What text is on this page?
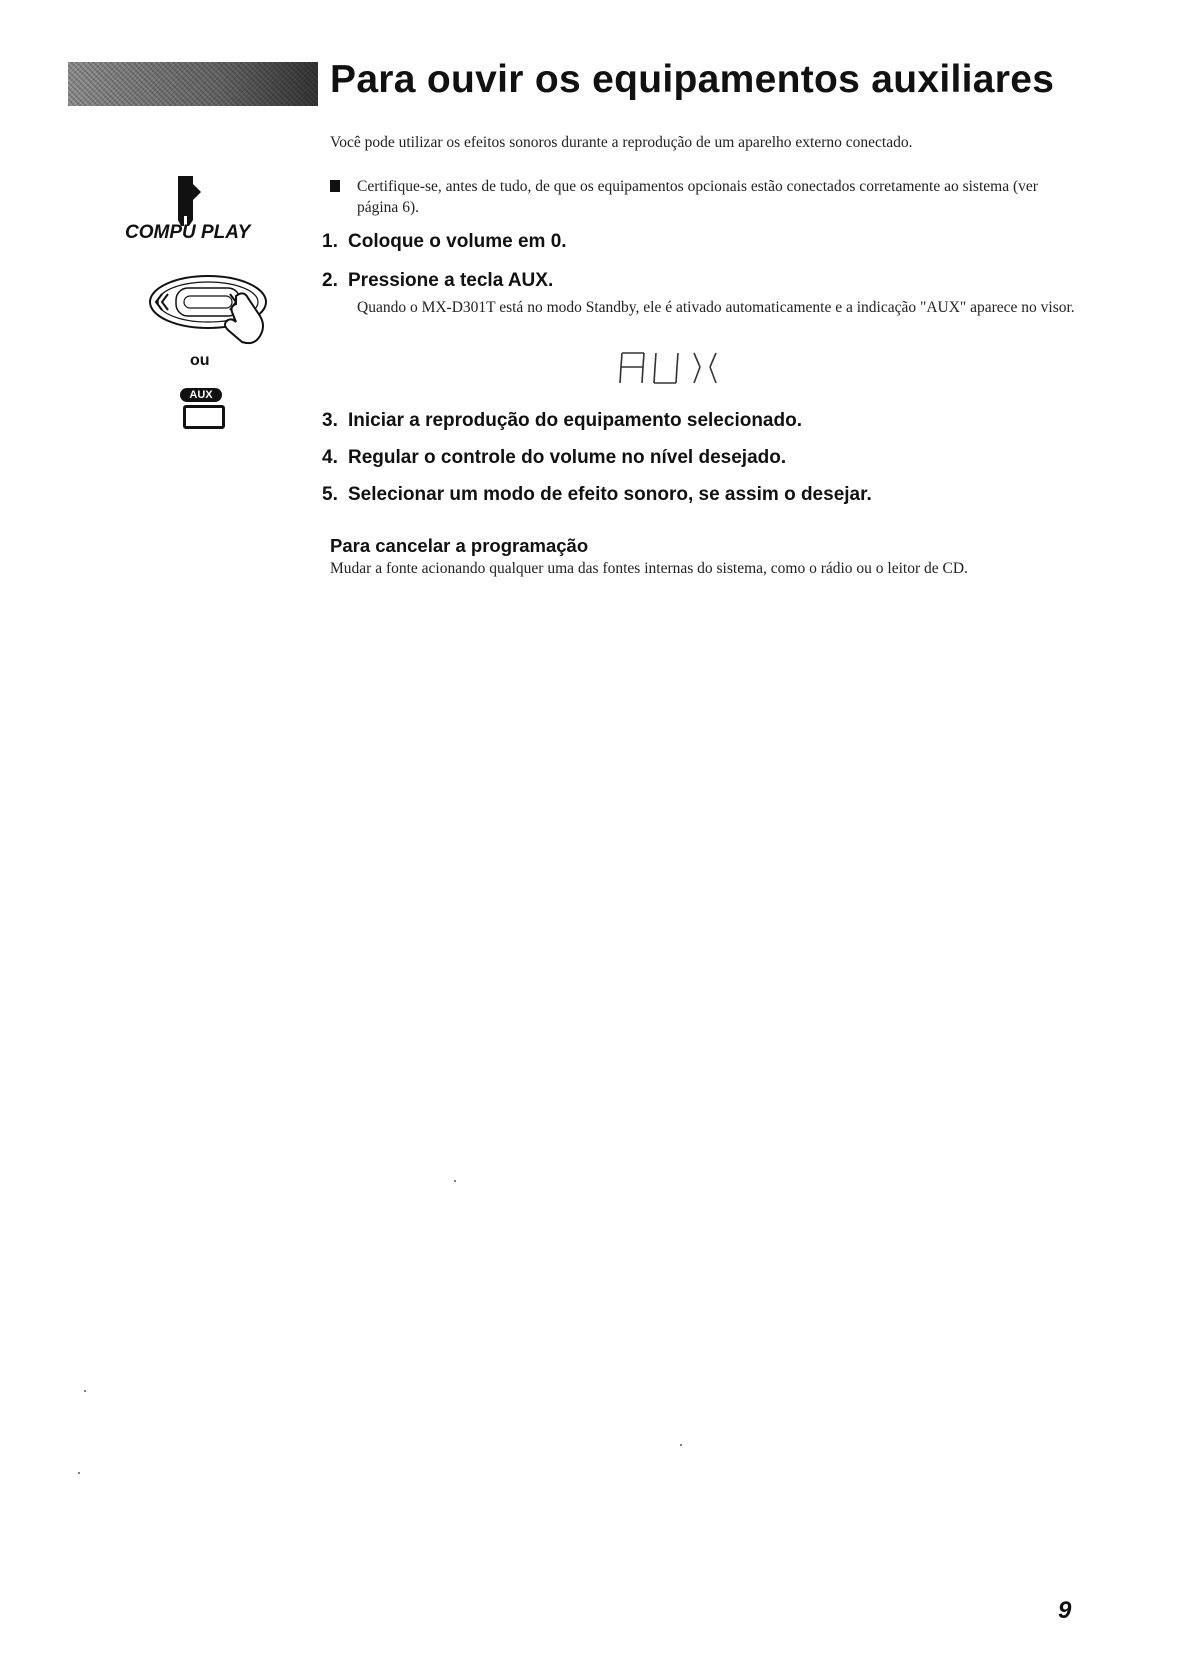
Para ouvir os equipamentos auxiliares
Você pode utilizar os efeitos sonoros durante a reprodução de um aparelho externo conectado.
Certifique-se, antes de tudo, de que os equipamentos opcionais estão conectados corretamente ao sistema (ver página 6).
COMPU PLAY
ou
AUX
1. Coloque o volume em 0.
2. Pressione a tecla AUX.
Quando o MX-D301T está no modo Standby, ele é ativado automaticamente e a indicação "AUX" aparece no visor.
AUX
3. Iniciar a reprodução do equipamento selecionado.
4. Regular o controle do volume no nível desejado.
5. Selecionar um modo de efeito sonoro, se assim o desejar.
Para cancelar a programação
Mudar a fonte acionando qualquer uma das fontes internas do sistema, como o rádio ou o leitor de CD.
9
